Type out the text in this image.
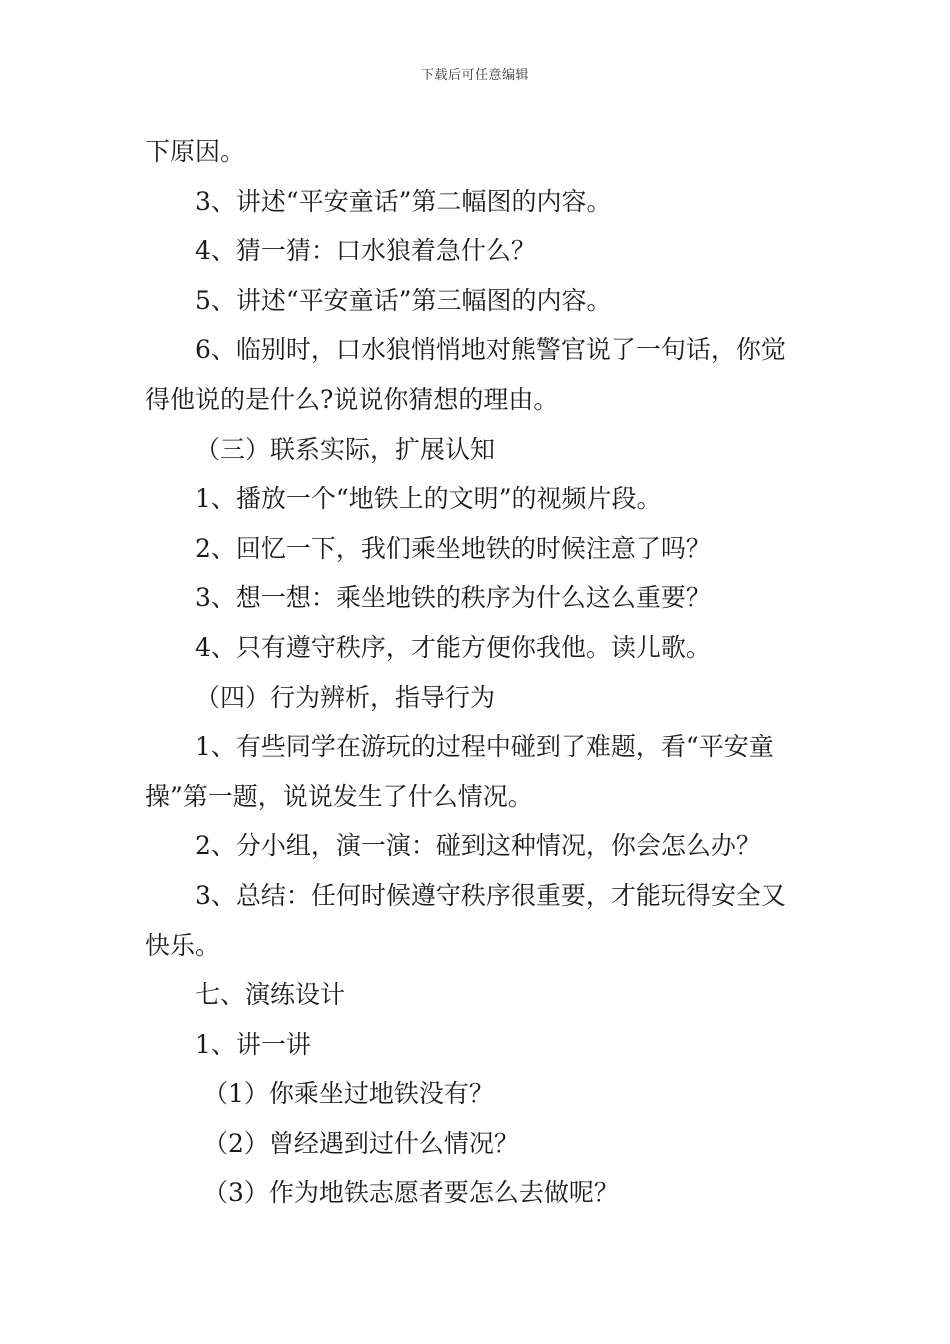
下载后可任意编辑
下原因。
3、讲述“平安童话”第二幅图的内容。
4、猜一猜：口水狼着急什么？
5、讲述“平安童话”第三幅图的内容。
6、临别时，口水狼悄悄地对熊警官说了一句话，你觉
得他说的是什么?说说你猜想的理由。
（三）联系实际，扩展认知
1、播放一个“地铁上的文明”的视频片段。
2、回忆一下，我们乘坐地铁的时候注意了吗？
3、想一想：乘坐地铁的秩序为什么这么重要？
4、只有遵守秩序，才能方便你我他。读儿歌。
（四）行为辨析，指导行为
1、有些同学在游玩的过程中碰到了难题，看“平安童
操”第一题，说说发生了什么情况。
2、分小组，演一演：碰到这种情况，你会怎么办？
3、总结：任何时候遵守秩序很重要，才能玩得安全又
快乐。
七、演练设计
1、讲一讲
（1）你乘坐过地铁没有？
（2）曾经遇到过什么情况？
（3）作为地铁志愿者要怎么去做呢？
